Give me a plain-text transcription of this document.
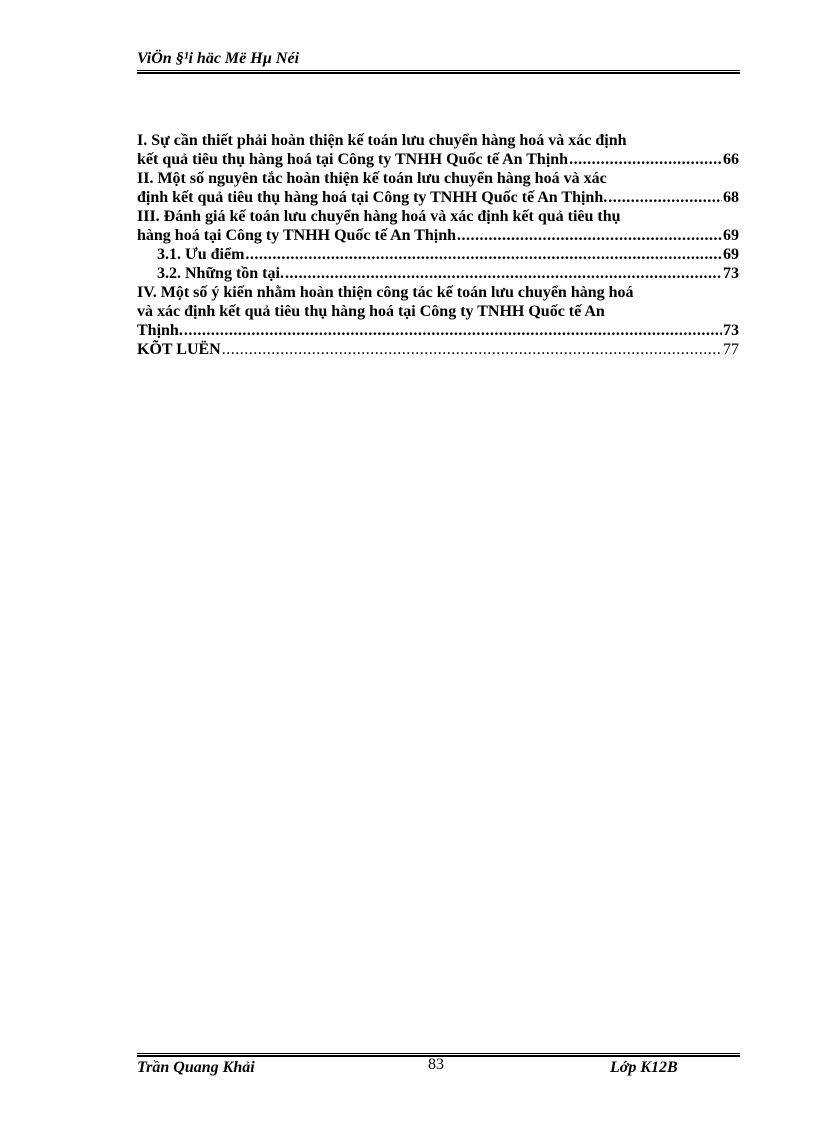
ViÖn §¹i häc Më Hµ Néi
I. Sự cần thiết phải hoàn thiện kế toán lưu chuyển hàng hoá và xác định
kết quả tiêu thụ hàng hoá tại Công ty TNHH Quốc tế An Thịnh .....	66
II. Một số nguyên tắc hoàn thiện kế toán lưu chuyển hàng hoá và xác
định kết quả tiêu thụ hàng hoá tại Công ty TNHH Quốc tế An Thịnh. .....	68
III. Đánh giá kế toán lưu chuyển hàng hoá và xác định kết quả tiêu thụ
hàng hoá tại Công ty TNHH Quốc tế An Thịnh .....	69
3.1. Ưu điểm .....	69
3.2. Những tồn tại. .....	73
IV. Một số ý kiến nhằm hoàn thiện công tác kế toán lưu chuyển hàng hoá
và xác định kết quả tiêu thụ hàng hoá tại Công ty TNHH Quốc tế An
Thịnh. .....	73
KÕT LUËN .....	77
Trần Quang Khải	83	Lớp K12B
